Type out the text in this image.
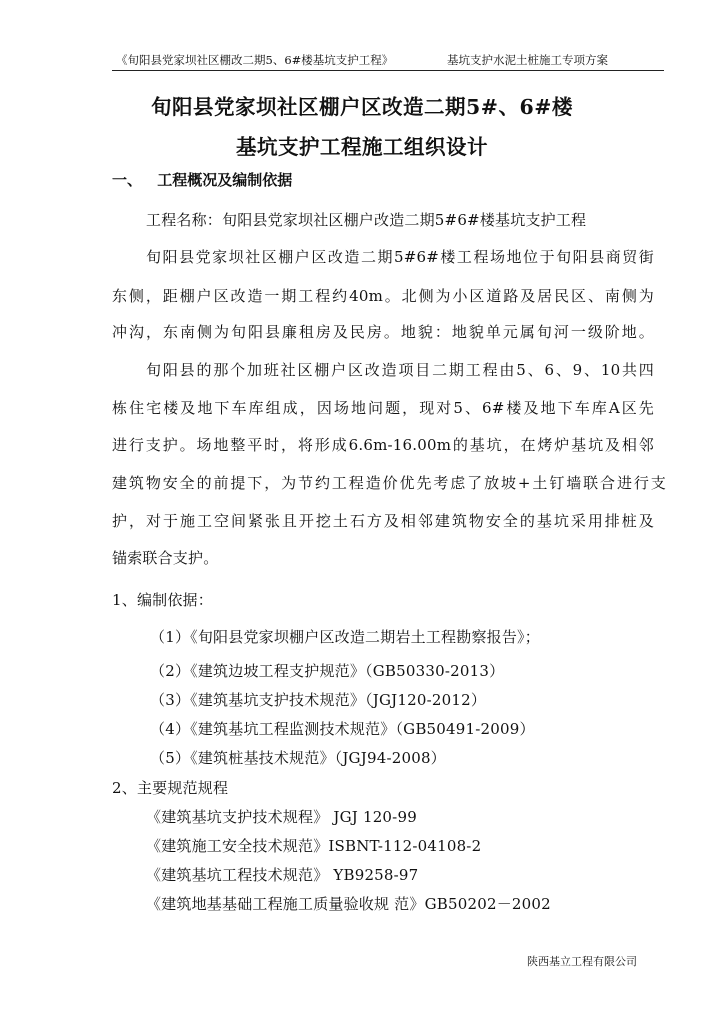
《旬阳县党家坝社区棚改二期5、6#楼基坑支护工程》	基坑支护水泥土桩施工专项方案
旬阳县党家坝社区棚户区改造二期5#、6#楼
基坑支护工程施工组织设计
一、 工程概况及编制依据
工程名称：旬阳县党家坝社区棚户改造二期5#6#楼基坑支护工程
旬阳县党家坝社区棚户区改造二期5#6#楼工程场地位于旬阳县商贸街
东侧，距棚户区改造一期工程约40m。北侧为小区道路及居民区、南侧为
冲沟，东南侧为旬阳县廉租房及民房。地貌：地貌单元属旬河一级阶地。
旬阳县的那个加班社区棚户区改造项目二期工程由5、6、9、10共四
栋住宅楼及地下车库组成，因场地问题，现对5、6#楼及地下车库A区先
进行支护。场地整平时，将形成6.6m-16.00m的基坑，在烤炉基坑及相邻
建筑物安全的前提下，为节约工程造价优先考虑了放坡+土钉墙联合进行支
护，对于施工空间紧张且开挖土石方及相邻建筑物安全的基坑采用排桩及
锚索联合支护。
1、编制依据：
（1）《旬阳县党家坝棚户区改造二期岩土工程勘察报告》；
（2）《建筑边坡工程支护规范》（GB50330-2013）
（3）《建筑基坑支护技术规范》（JGJ120-2012）
（4）《建筑基坑工程监测技术规范》（GB50491-2009）
（5）《建筑桩基技术规范》（JGJ94-2008）
2、主要规范规程
《建筑基坑支护技术规程》 JGJ 120-99
《建筑施工安全技术规范》ISBNT-112-04108-2
《建筑基坑工程技术规范》 YB9258-97
《建筑地基基础工程施工质量验收规 范》GB50202－2002
陕西基立工程有限公司
